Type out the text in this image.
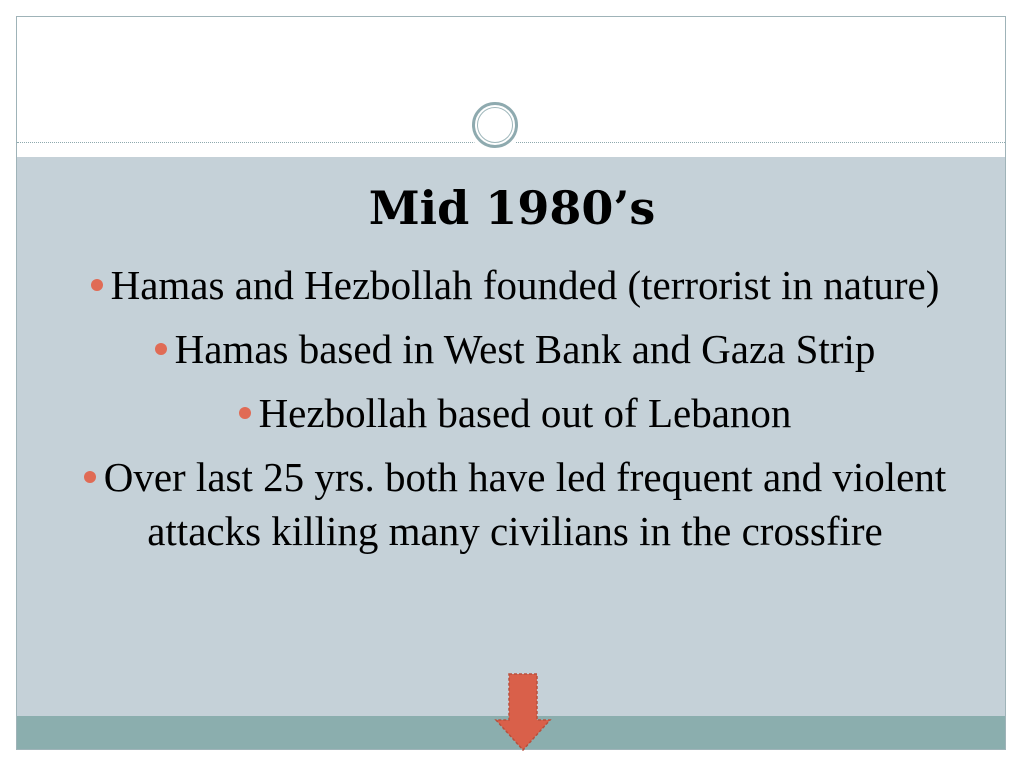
Mid 1980’s
Hamas and Hezbollah founded (terrorist in nature)
Hamas based in West Bank and Gaza Strip
Hezbollah based out of Lebanon
Over last 25 yrs. both have led frequent and violent attacks killing many civilians in the crossfire
